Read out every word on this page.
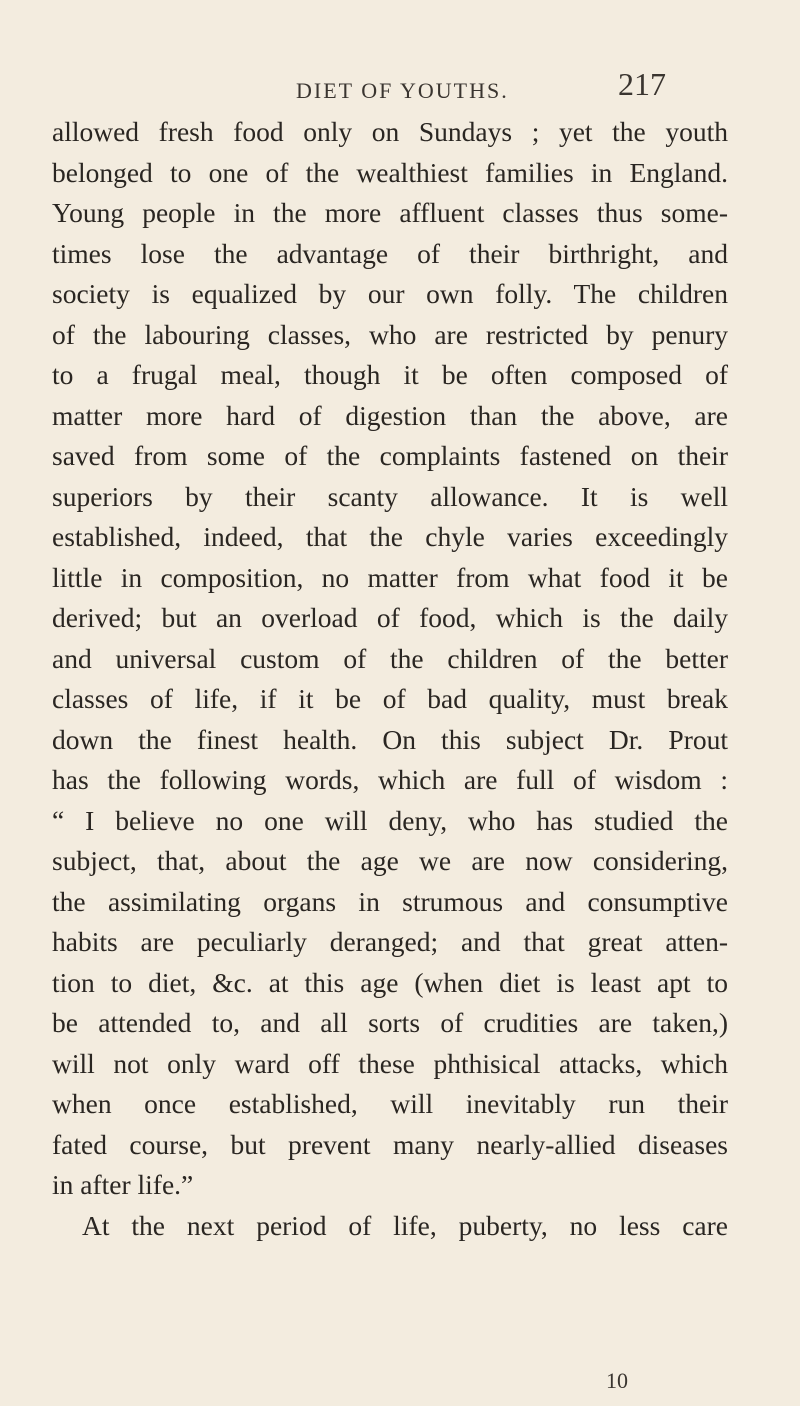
DIET OF YOUTHS.	217
allowed fresh food only on Sundays ; yet the youth
belonged to one of the wealthiest families in England.
Young people in the more affluent classes thus some-
times lose the advantage of their birthright, and
society is equalized by our own folly. The children
of the labouring classes, who are restricted by penury
to a frugal meal, though it be often composed of
matter more hard of digestion than the above, are
saved from some of the complaints fastened on their
superiors by their scanty allowance. It is well
established, indeed, that the chyle varies exceedingly
little in composition, no matter from what food it be
derived; but an overload of food, which is the daily
and universal custom of the children of the better
classes of life, if it be of bad quality, must break
down the finest health. On this subject Dr. Prout
has the following words, which are full of wisdom :
“ I believe no one will deny, who has studied the
subject, that, about the age we are now considering,
the assimilating organs in strumous and consumptive
habits are peculiarly deranged; and that great atten-
tion to diet, &c. at this age (when diet is least apt to
be attended to, and all sorts of crudities are taken,)
will not only ward off these phthisical attacks, which
when once established, will inevitably run their
fated course, but prevent many nearly-allied diseases
in after life.”
At the next period of life, puberty, no less care
10
